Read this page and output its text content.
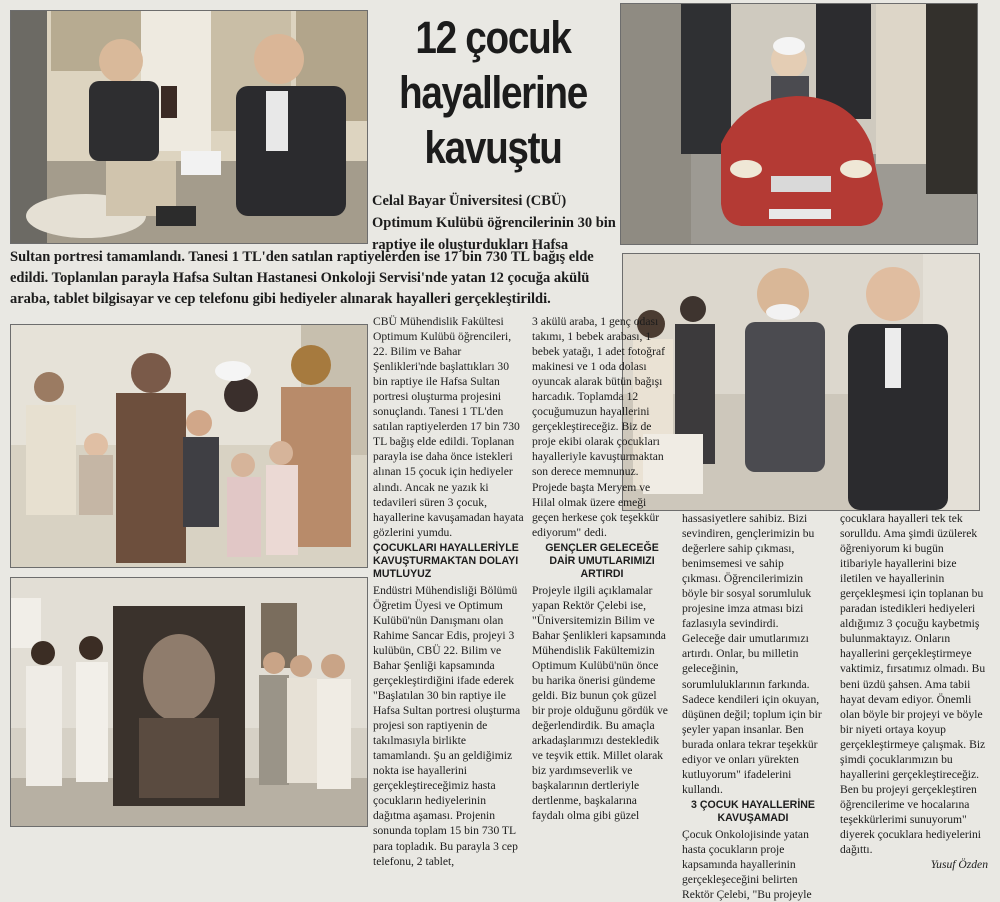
12 çocuk
hayallerine
kavuştu
Celal Bayar Üniversitesi (CBÜ) Optimum Kulübü öğrencilerinin 30 bin raptiye ile oluşturdukları Hafsa
Sultan portresi tamamlandı. Tanesi 1 TL'den satılan raptiyelerden ise 17 bin 730 TL bağış elde edildi. Toplanılan parayla Hafsa Sultan Hastanesi Onkoloji Servisi'nde yatan 12 çocuğa akülü araba, tablet bilgisayar ve cep telefonu gibi hediyeler alınarak hayalleri gerçekleştirildi.

CBÜ Mühendislik Fakültesi Optimum Kulübü öğrencileri, 22. Bilim ve Bahar Şenlikleri'nde başlattıkları 30 bin raptiye ile Hafsa Sultan portresi oluşturma projesini sonuçlandı. Tanesi 1 TL'den satılan raptiyelerden 17 bin 730 TL bağış elde edildi. Toplanan parayla ise daha önce istekleri alınan 15 çocuk için hediyeler alındı. Ancak ne yazık ki tedavileri süren 3 çocuk, hayallerine kavuşamadan hayata gözlerini yumdu.

ÇOCUKLARI HAYALLERİYLE KAVUŞTURMAKTAN DOLAYI MUTLUYUZ

Endüstri Mühendisliği Bölümü Öğretim Üyesi ve Optimum Kulübü'nün Danışmanı olan Rahime Sancar Edis, projeyi 3 kulübün, CBÜ 22. Bilim ve Bahar Şenliği kapsamında gerçekleştirdiğini ifade ederek "Başlatılan 30 bin raptiye ile Hafsa Sultan portresi oluşturma projesi son raptiyenin de takılmasıyla birlikte tamamlandı. Şu an geldiğimiz nokta ise hayallerini gerçekleştireceğimiz hasta çocukların hediyelerinin dağıtma aşaması. Projenin sonunda toplam 15 bin 730 TL para topladık. Bu parayla 3 cep telefonu, 2 tablet,

3 akülü araba, 1 genç odası takımı, 1 bebek arabası, 1 bebek yatağı, 1 adet fotoğraf makinesi ve 1 oda dolası oyuncak alarak bütün bağışı harcadık. Toplamda 12 çocuğumuzun hayallerini gerçekleştireceğiz. Biz de proje ekibi olarak çocukları hayalleriyle kavuşturmaktan son derece memnunuz. Projede başta Meryem ve Hilal olmak üzere emeği geçen herkese çok teşekkür ediyorum" dedi.

GENÇLER GELECEĞE DAİR UMUTLARIMIZI ARTIRDI

Projeyle ilgili açıklamalar yapan Rektör Çelebi ise, "Üniversitemizin Bilim ve Bahar Şenlikleri kapsamında Mühendislik Fakültemizin Optimum Kulübü'nün önce bu harika önerisi gündeme geldi. Biz bunun çok güzel bir proje olduğunu gördük ve değerlendirdik. Bu amaçla arkadaşlarımızı destekledik ve teşvik ettik. Millet olarak biz yardımseverlik ve başkalarının dertleriyle dertlenme, başkalarına faydalı olma gibi güzel

hassasiyetlere sahibiz. Bizi sevindiren, gençlerimizin bu değerlere sahip çıkması, benimsemesi ve sahip çıkması. Öğrencilerimizin böyle bir sosyal sorumluluk projesine imza atması bizi fazlasıyla sevindirdi. Geleceğe dair umutlarımızı artırdı. Onlar, bu milletin geleceğinin, sorumluluklarının farkında. Sadece kendileri için okuyan, düşünen değil; toplum için bir şeyler yapan insanlar. Ben burada onlara tekrar teşekkür ediyor ve onları yürekten kutluyorum" ifadelerini kullandı.

3 ÇOCUK HAYALLERİNE KAVUŞAMADI

Çocuk Onkolojisinde yatan hasta çocukların proje kapsamında hayallerinin gerçekleşeceğini belirten Rektör Çelebi, "Bu projeyle

çocuklara hayalleri tek tek sorulldu. Ama şimdi üzülerek öğreniyorum ki bugün itibariyle hayallerini bize iletilen ve hayallerinin gerçekleşmesi için toplanan bu paradan istedikleri hediyeleri aldığımız 3 çocuğu kaybetmiş bulunmaktayız. Onların hayallerini gerçekleştirmeye vaktimiz, fırsatımız olmadı. Bu beni üzdü şahsen. Ama tabii hayat devam ediyor. Önemli olan böyle bir projeyi ve böyle bir niyeti ortaya koyup gerçekleştirmeye çalışmak. Biz şimdi çocuklarımızın bu hayallerini gerçekleştireceğiz. Ben bu projeyi gerçekleştiren öğrencilerime ve hocalarına teşekkürlerimi sunuyorum" diyerek çocuklara hediyelerini dağıttı.

Yusuf Özden
